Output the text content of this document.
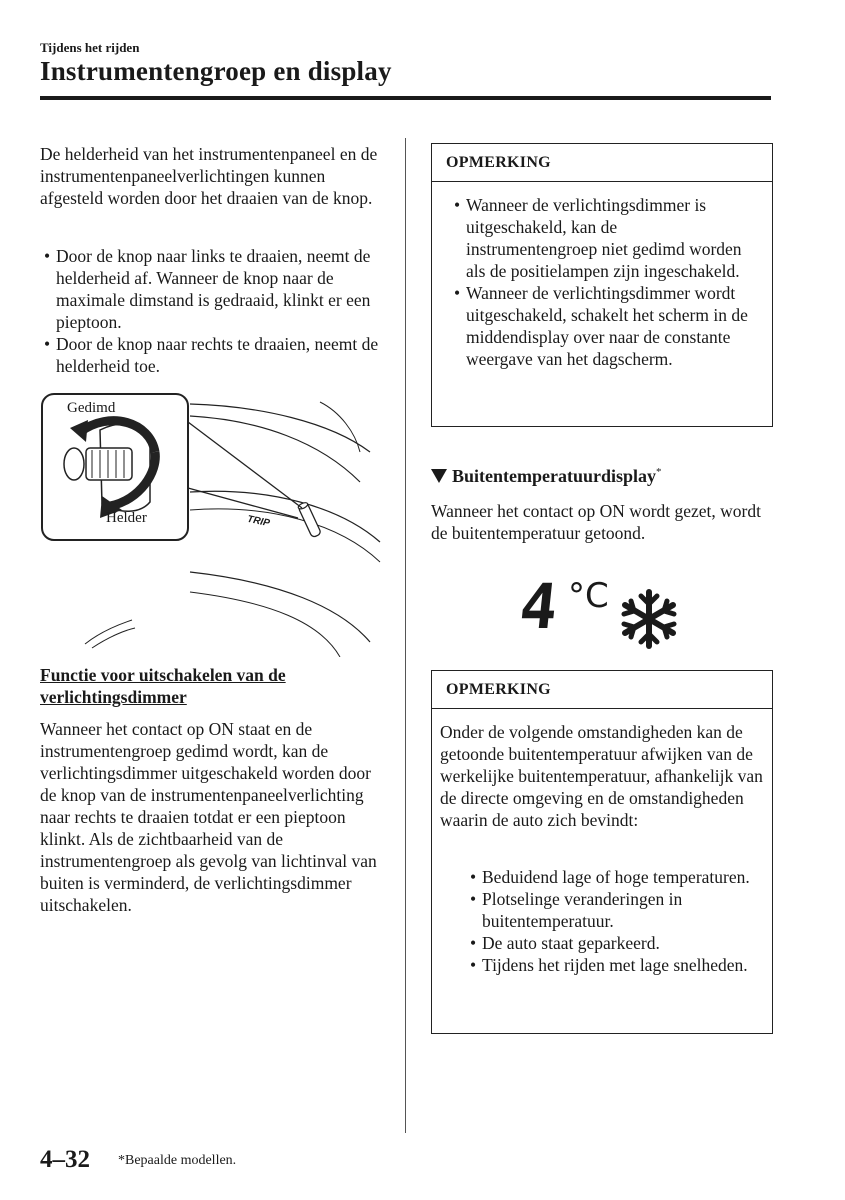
Tijdens het rijden
Instrumentengroep en display
De helderheid van het instrumentenpaneel en de instrumentenpaneelverlichtingen kunnen afgesteld worden door het draaien van de knop.
• Door de knop naar links te draaien, neemt de helderheid af. Wanneer de knop naar de maximale dimstand is gedraaid, klinkt er een pieptoon.
• Door de knop naar rechts te draaien, neemt de helderheid toe.
Gedimd
Helder	TRIP
Functie voor uitschakelen van de verlichtingsdimmer
Wanneer het contact op ON staat en de instrumentengroep gedimd wordt, kan de verlichtingsdimmer uitgeschakeld worden door de knop van de instrumentenpaneelverlichting naar rechts te draaien totdat er een pieptoon klinkt. Als de zichtbaarheid van de instrumentengroep als gevolg van lichtinval van buiten is verminderd, de verlichtingsdimmer uitschakelen.
OPMERKING
• Wanneer de verlichtingsdimmer is uitgeschakeld, kan de instrumentengroep niet gedimd worden als de positielampen zijn ingeschakeld.
• Wanneer de verlichtingsdimmer wordt uitgeschakeld, schakelt het scherm in de middendisplay over naar de constante weergave van het dagscherm.
Buitentemperatuurdisplay*
Wanneer het contact op ON wordt gezet, wordt de buitentemperatuur getoond.
4 °C
OPMERKING
Onder de volgende omstandigheden kan de getoonde buitentemperatuur afwijken van de werkelijke buitentemperatuur, afhankelijk van de directe omgeving en de omstandigheden waarin de auto zich bevindt:
• Beduidend lage of hoge temperaturen.
• Plotselinge veranderingen in buitentemperatuur.
• De auto staat geparkeerd.
• Tijdens het rijden met lage snelheden.
4–32 *Bepaalde modellen.
